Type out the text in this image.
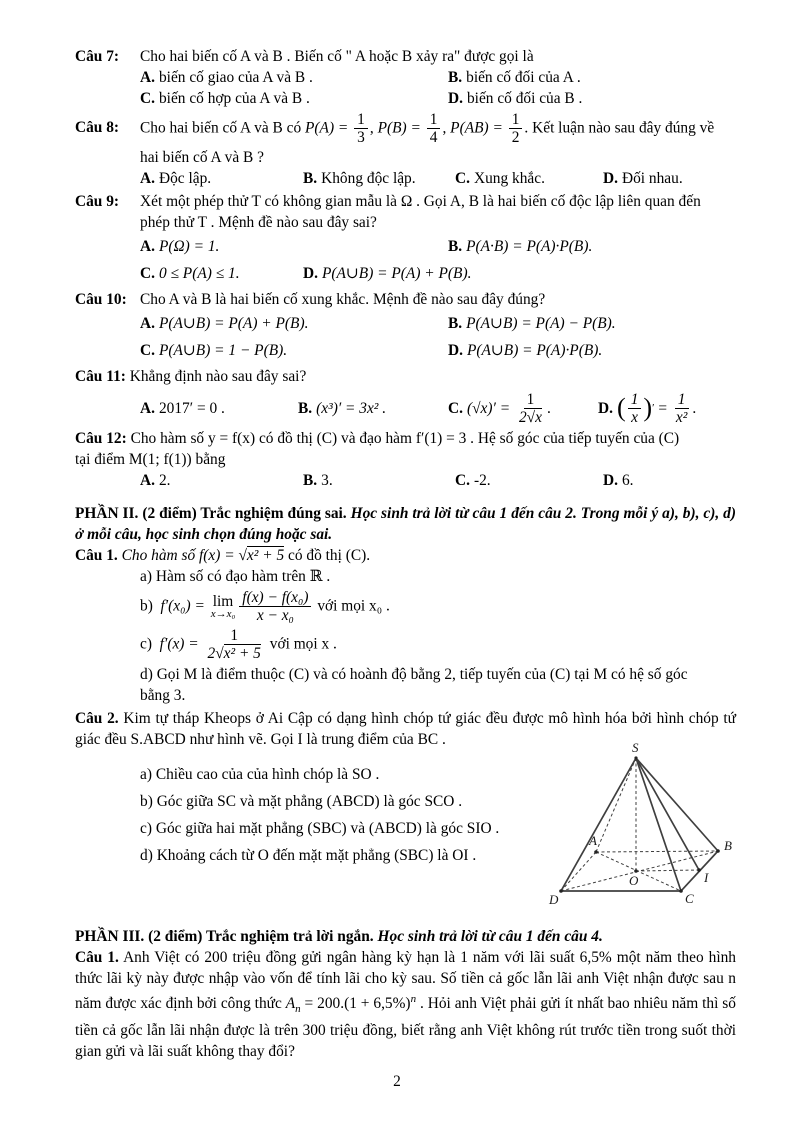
Câu 7: Cho hai biến cố A và B . Biến cố " A hoặc B xảy ra" được gọi là
A. biến cố giao của A và B .	B. biến cố đối của A .
C. biến cố hợp của A và B .	D. biến cố đối của B .
Câu 8: Cho hai biến cố A và B có $P(A) = \frac{1}{3}$ , $P(B) = \frac{1}{4}$ , $P(AB) = \frac{1}{2}$ . Kết luận nào sau đây đúng về
hai biến cố A và B ?
A. Độc lập.	B. Không độc lập.	C. Xung khắc.	D. Đối nhau.
Câu 9: Xét một phép thử T có không gian mẫu là Ω . Gọi A, B là hai biến cố độc lập liên quan đến
phép thử T . Mệnh đề nào sau đây sai?
A. P(Ω) = 1.	B. P(A·B) = P(A)·P(B).
C. 0 ≤ P(A) ≤ 1.	D. P(A∪B) = P(A) + P(B).
Câu 10: Cho A và B là hai biến cố xung khắc. Mệnh đề nào sau đây đúng?
A. P(A∪B) = P(A) + P(B).	B. P(A∪B) = P(A) − P(B).
C. P(A∪B) = 1 − P(B).	D. P(A∪B) = P(A)·P(B).
Câu 11: Khẳng định nào sau đây sai?
A. 2017′ = 0 .	B. (x³)′ = 3x² .	C. (√x)′ =
$\frac{1}{2√x}$ .	D. ( $\frac{1}{x}$ ) ′
=
$\frac{1}{\text{x²}}$ .
Câu 12: Cho hàm số y = f(x) có đồ thị (C) và đạo hàm f′(1) = 3 . Hệ số góc của tiếp tuyến của (C)
tại điểm M(1; f(1)) bằng
A. 2.	B. 3.	C. -2.	D. 6.
PHẦN II. (2 điểm) Trắc nghiệm đúng sai. Học sinh trả lời từ câu 1 đến câu 2. Trong mỗi ý a), b), c), d) ở mỗi câu, học sinh chọn đúng hoặc sai.
Câu 1. Cho hàm số f(x) = √x² + 5 có đồ thị (C).
a) Hàm số có đạo hàm trên ℝ .
b) f′(x₀) = lim
$x\to x_0 \frac{\text{f(x) − f(x₀)}}{\text{x − x₀}}$ với mọi x₀ .
c) $f'(x) = \frac{1}{\text{2√x² + 5}}$ với mọi x .
d) Gọi M là điểm thuộc (C) và có hoành độ bằng 2, tiếp tuyến của (C) tại M có hệ số góc
bằng 3.
Câu 2. Kim tự tháp Kheops ở Ai Cập có dạng hình chóp tứ giác đều được mô hình hóa bởi hình chóp tứ giác đều S.ABCD như hình vẽ. Gọi I là trung điểm của BC .
a) Chiều cao của của hình chóp là SO .
b) Góc giữa SC và mặt phẳng (ABCD) là góc SCO .
c) Góc giữa hai mặt phẳng (SBC) và (ABCD) là góc SIO .
d) Khoảng cách từ O đến mặt mặt phẳng (SBC) là OI .
S
A	B
C
D
O	I
PHẦN III. (2 điểm) Trắc nghiệm trả lời ngắn. Học sinh trả lời từ câu 1 đến câu 4.
Câu 1. Anh Việt có 200 triệu đồng gửi ngân hàng kỳ hạn là 1 năm với lãi suất 6,5% một năm theo hình thức lãi kỳ này được nhập vào vốn để tính lãi cho kỳ sau. Số tiền cả gốc lẫn lãi anh Việt nhận được sau n năm được xác định bởi công thức $A_n = 200.(1 + 6,5\%)^n$ . Hỏi anh Việt phải gửi ít nhất bao nhiêu năm thì số tiền cả gốc lẫn lãi nhận được là trên 300 triệu đồng, biết rằng anh Việt không rút trước tiền trong suốt thời gian gửi và lãi suất không thay đổi?
2
